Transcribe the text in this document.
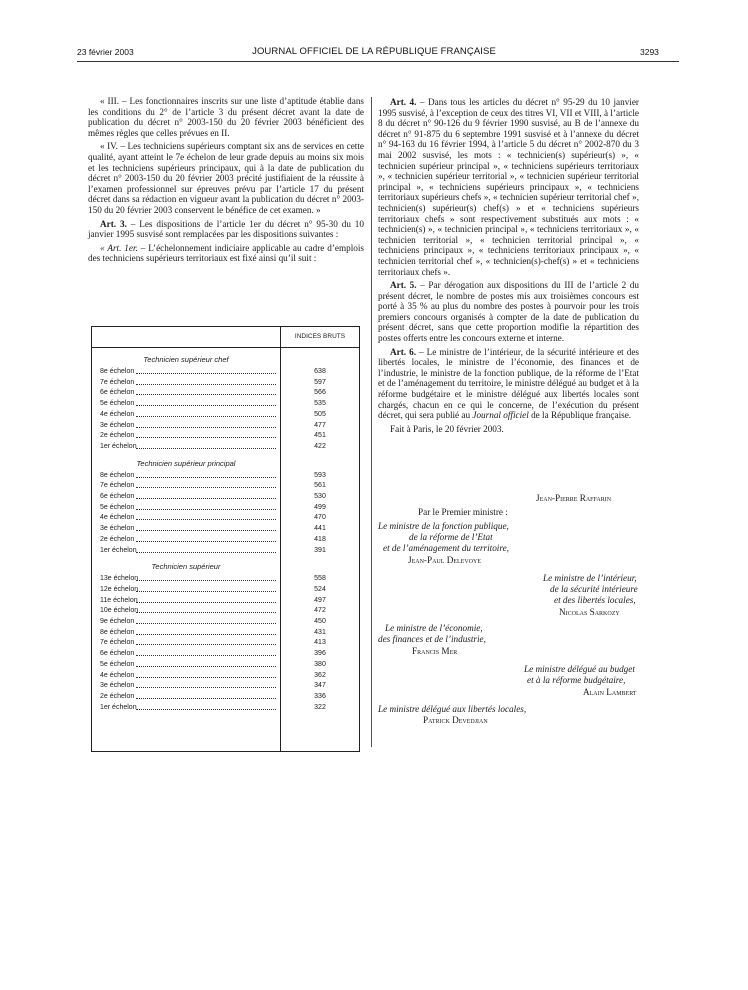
23 février 2003	JOURNAL OFFICIEL DE LA RÉPUBLIQUE FRANÇAISE	3293

« III. – Les fonctionnaires inscrits sur une liste d’aptitude établie dans les conditions du 2° de l’article 3 du présent décret avant la date de publication du décret n° 2003-150 du 20 février 2003 bénéficient des mêmes règles que celles prévues en II.

« IV. – Les techniciens supérieurs comptant six ans de services en cette qualité, ayant atteint le 7e échelon de leur grade depuis au moins six mois et les techniciens supérieurs principaux, qui à la date de publication du décret n° 2003-150 du 20 février 2003 précité justifiaient de la réussite à l’examen professionnel sur épreuves prévu par l’article 17 du présent décret dans sa rédaction en vigueur avant la publication du décret n° 2003-150 du 20 février 2003 conservent le bénéfice de cet examen. »

Art. 3. – Les dispositions de l’article 1er du décret n° 95-30 du 10 janvier 1995 susvisé sont remplacées par les dispositions suivantes :

« Art. 1er. – L’échelonnement indiciaire applicable au cadre d’emplois des techniciens supérieurs territoriaux est fixé ainsi qu’il suit :

INDICES BRUTS
Technicien supérieur chef
8e échelon	638
7e échelon	597
6e échelon	566
5e échelon	535
4e échelon	505
3e échelon	477
2e échelon	451
1er échelon	422
Technicien supérieur principal
8e échelon	593
7e échelon	561
6e échelon	530
5e échelon	499
4e échelon	470
3e échelon	441
2e échelon	418
1er échelon	391
Technicien supérieur
13e échelon	558
12e échelon	524
11e échelon	497
10e échelon	472
9e échelon	450
8e échelon	431
7e échelon	413
6e échelon	396
5e échelon	380
4e échelon	362
3e échelon	347
2e échelon	336
1er échelon	322

Art. 4. – Dans tous les articles du décret n° 95-29 du 10 janvier 1995 susvisé, à l’exception de ceux des titres VI, VII et VIII, à l’article 8 du décret n° 90-126 du 9 février 1990 susvisé, au B de l’annexe du décret n° 91-875 du 6 septembre 1991 susvisé et à l’annexe du décret n° 94-163 du 16 février 1994, à l’article 5 du décret n° 2002-870 du 3 mai 2002 susvisé, les mots : « technicien(s) supérieur(s) », « technicien supérieur principal », « techniciens supérieurs territoriaux », « technicien supérieur territorial », « technicien supérieur territorial principal », « techniciens supérieurs principaux », « techniciens territoriaux supérieurs chefs », « technicien supérieur territorial chef », technicien(s) supérieur(s) chef(s) » et « techniciens supérieurs territoriaux chefs » sont respectivement substitués aux mots : « technicien(s) », « technicien principal », « techniciens territoriaux », « technicien territorial », « technicien territorial principal », « techniciens principaux », « techniciens territoriaux principaux », « technicien territorial chef », « technicien(s)-chef(s) » et « techniciens territoriaux chefs ».

Art. 5. – Par dérogation aux dispositions du III de l’article 2 du présent décret, le nombre de postes mis aux troisièmes concours est porté à 35 % au plus du nombre des postes à pourvoir pour les trois premiers concours organisés à compter de la date de publication du présent décret, sans que cette proportion modifie la répartition des postes offerts entre les concours externe et interne.

Art. 6. – Le ministre de l’intérieur, de la sécurité intérieure et des libertés locales, le ministre de l’économie, des finances et de l’industrie, le ministre de la fonction publique, de la réforme de l’Etat et de l’aménagement du territoire, le ministre délégué au budget et à la réforme budgétaire et le ministre délégué aux libertés locales sont chargés, chacun en ce qui le concerne, de l’exécution du présent décret, qui sera publié au Journal officiel de la République française.

Fait à Paris, le 20 février 2003.

Jean-Pierre Raffarin
Par le Premier ministre :
Le ministre de la fonction publique,
de la réforme de l’Etat
et de l’aménagement du territoire,
Jean-Paul Delevoye
Le ministre de l’intérieur,
de la sécurité intérieure
et des libertés locales,
Nicolas Sarkozy
Le ministre de l’économie,
des finances et de l’industrie,
Francis Mer
Le ministre délégué au budget
et à la réforme budgétaire,
Alain Lambert
Le ministre délégué aux libertés locales,
Patrick Devedjian
